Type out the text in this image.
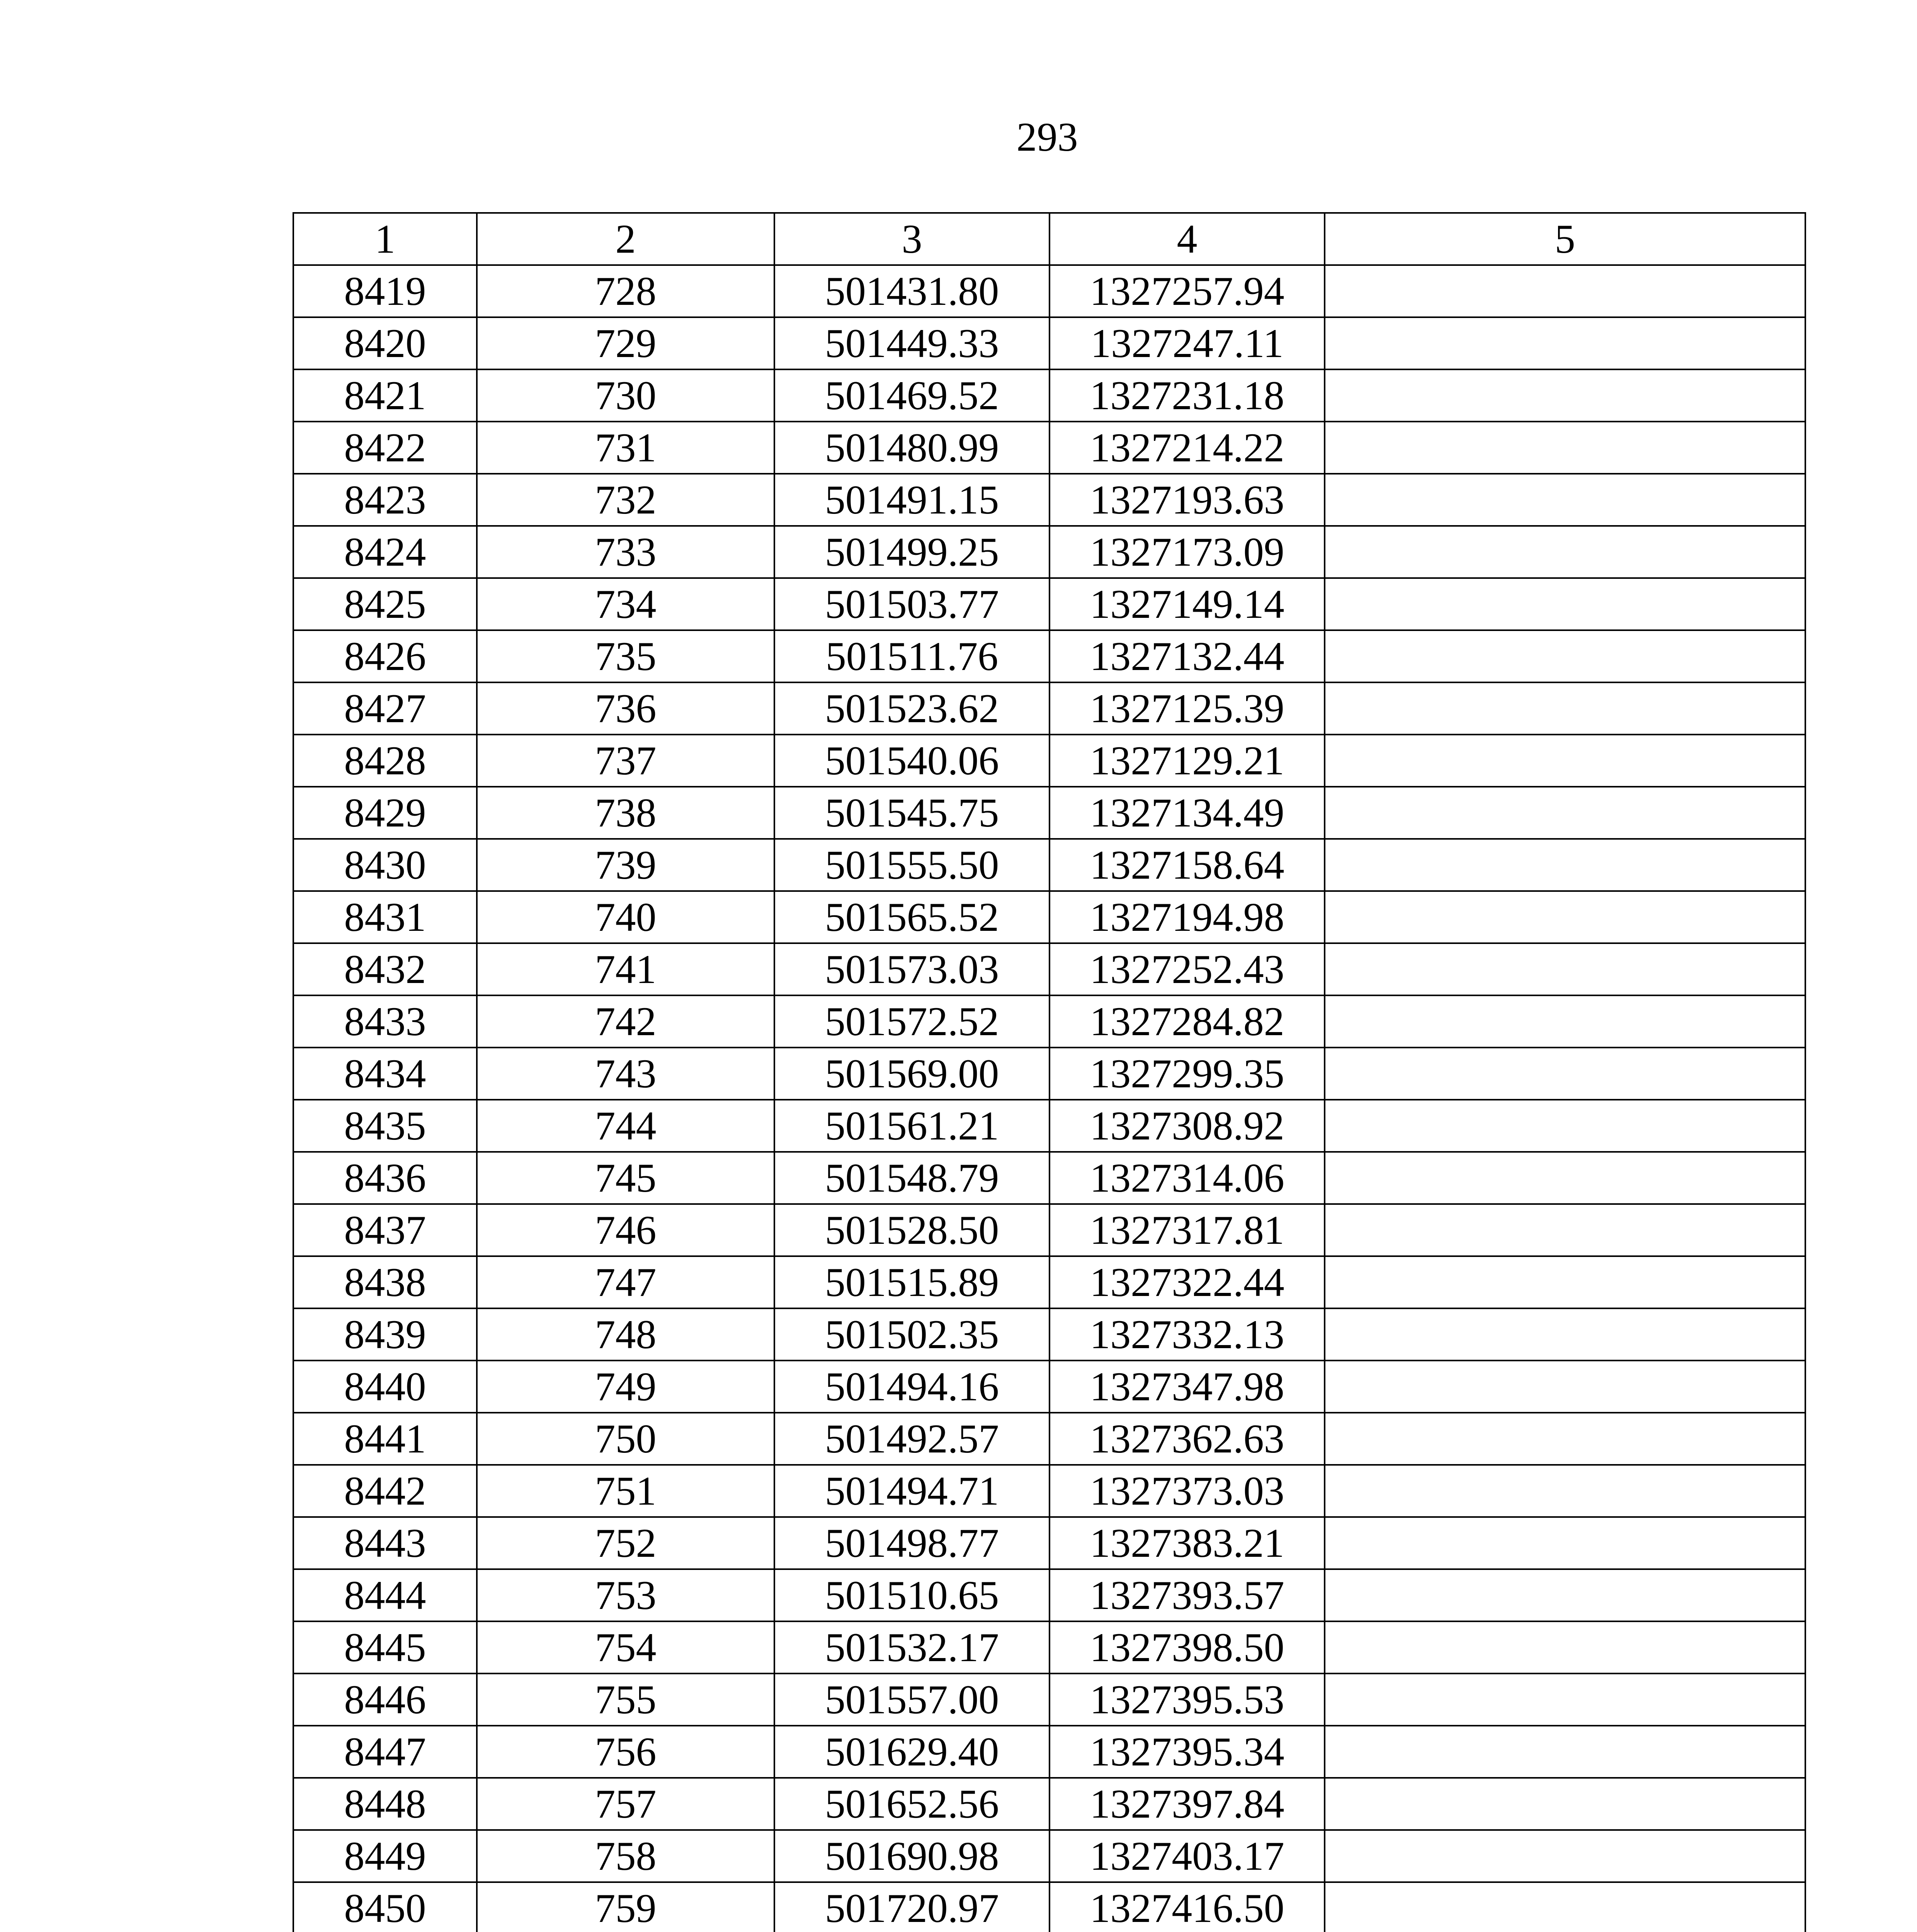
293
1	2	3	4	5
8419	728	501431.80	1327257.94	
8420	729	501449.33	1327247.11	
8421	730	501469.52	1327231.18	
8422	731	501480.99	1327214.22	
8423	732	501491.15	1327193.63	
8424	733	501499.25	1327173.09	
8425	734	501503.77	1327149.14	
8426	735	501511.76	1327132.44	
8427	736	501523.62	1327125.39	
8428	737	501540.06	1327129.21	
8429	738	501545.75	1327134.49	
8430	739	501555.50	1327158.64	
8431	740	501565.52	1327194.98	
8432	741	501573.03	1327252.43	
8433	742	501572.52	1327284.82	
8434	743	501569.00	1327299.35	
8435	744	501561.21	1327308.92	
8436	745	501548.79	1327314.06	
8437	746	501528.50	1327317.81	
8438	747	501515.89	1327322.44	
8439	748	501502.35	1327332.13	
8440	749	501494.16	1327347.98	
8441	750	501492.57	1327362.63	
8442	751	501494.71	1327373.03	
8443	752	501498.77	1327383.21	
8444	753	501510.65	1327393.57	
8445	754	501532.17	1327398.50	
8446	755	501557.00	1327395.53	
8447	756	501629.40	1327395.34	
8448	757	501652.56	1327397.84	
8449	758	501690.98	1327403.17	
8450	759	501720.97	1327416.50	
